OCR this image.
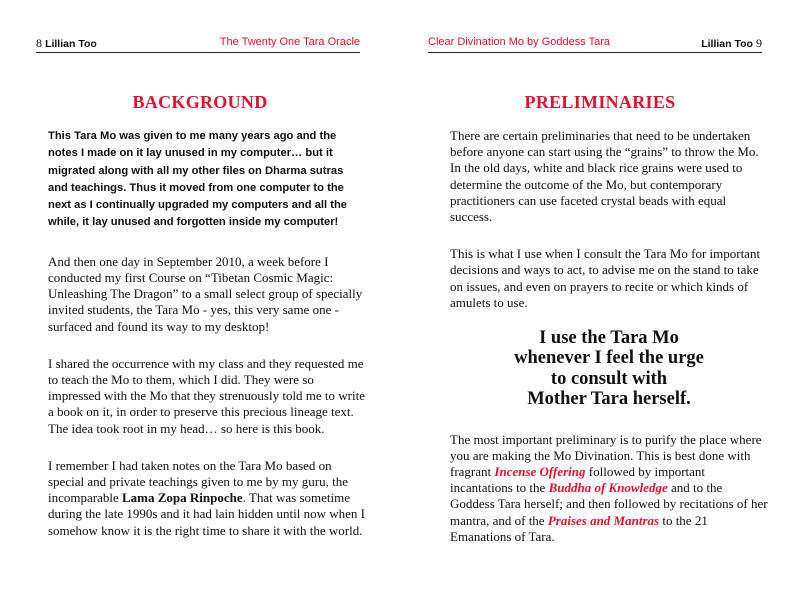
8 Lillian Too	The Twenty One Tara Oracle
BACKGROUND

This Tara Mo was given to me many years ago and the notes I made on it lay unused in my computer… but it migrated along with all my other files on Dharma sutras and teachings. Thus it moved from one computer to the next as I continually upgraded my computers and all the while, it lay unused and forgotten inside my computer!

And then one day in September 2010, a week before I conducted my first Course on “Tibetan Cosmic Magic: Unleashing The Dragon” to a small select group of specially invited students, the Tara Mo - yes, this very same one - surfaced and found its way to my desktop!

I shared the occurrence with my class and they requested me to teach the Mo to them, which I did. They were so impressed with the Mo that they strenuously told me to write a book on it, in order to preserve this precious lineage text. The idea took root in my head… so here is this book.

I remember I had taken notes on the Tara Mo based on special and private teachings given to me by my guru, the incomparable Lama Zopa Rinpoche. That was sometime during the late 1990s and it had lain hidden until now when I somehow know it is the right time to share it with the world.

Clear Divination Mo by Goddess Tara	Lillian Too 9
PRELIMINARIES

There are certain preliminaries that need to be undertaken before anyone can start using the “grains” to throw the Mo. In the old days, white and black rice grains were used to determine the outcome of the Mo, but contemporary practitioners can use faceted crystal beads with equal success.

This is what I use when I consult the Tara Mo for important decisions and ways to act, to advise me on the stand to take on issues, and even on prayers to recite or which kinds of amulets to use.

I use the Tara Mo
whenever I feel the urge
to consult with
Mother Tara herself.

The most important preliminary is to purify the place where you are making the Mo Divination. This is best done with fragrant Incense Offering followed by important incantations to the Buddha of Knowledge and to the Goddess Tara herself; and then followed by recitations of her mantra, and of the Praises and Mantras to the 21 Emanations of Tara.
